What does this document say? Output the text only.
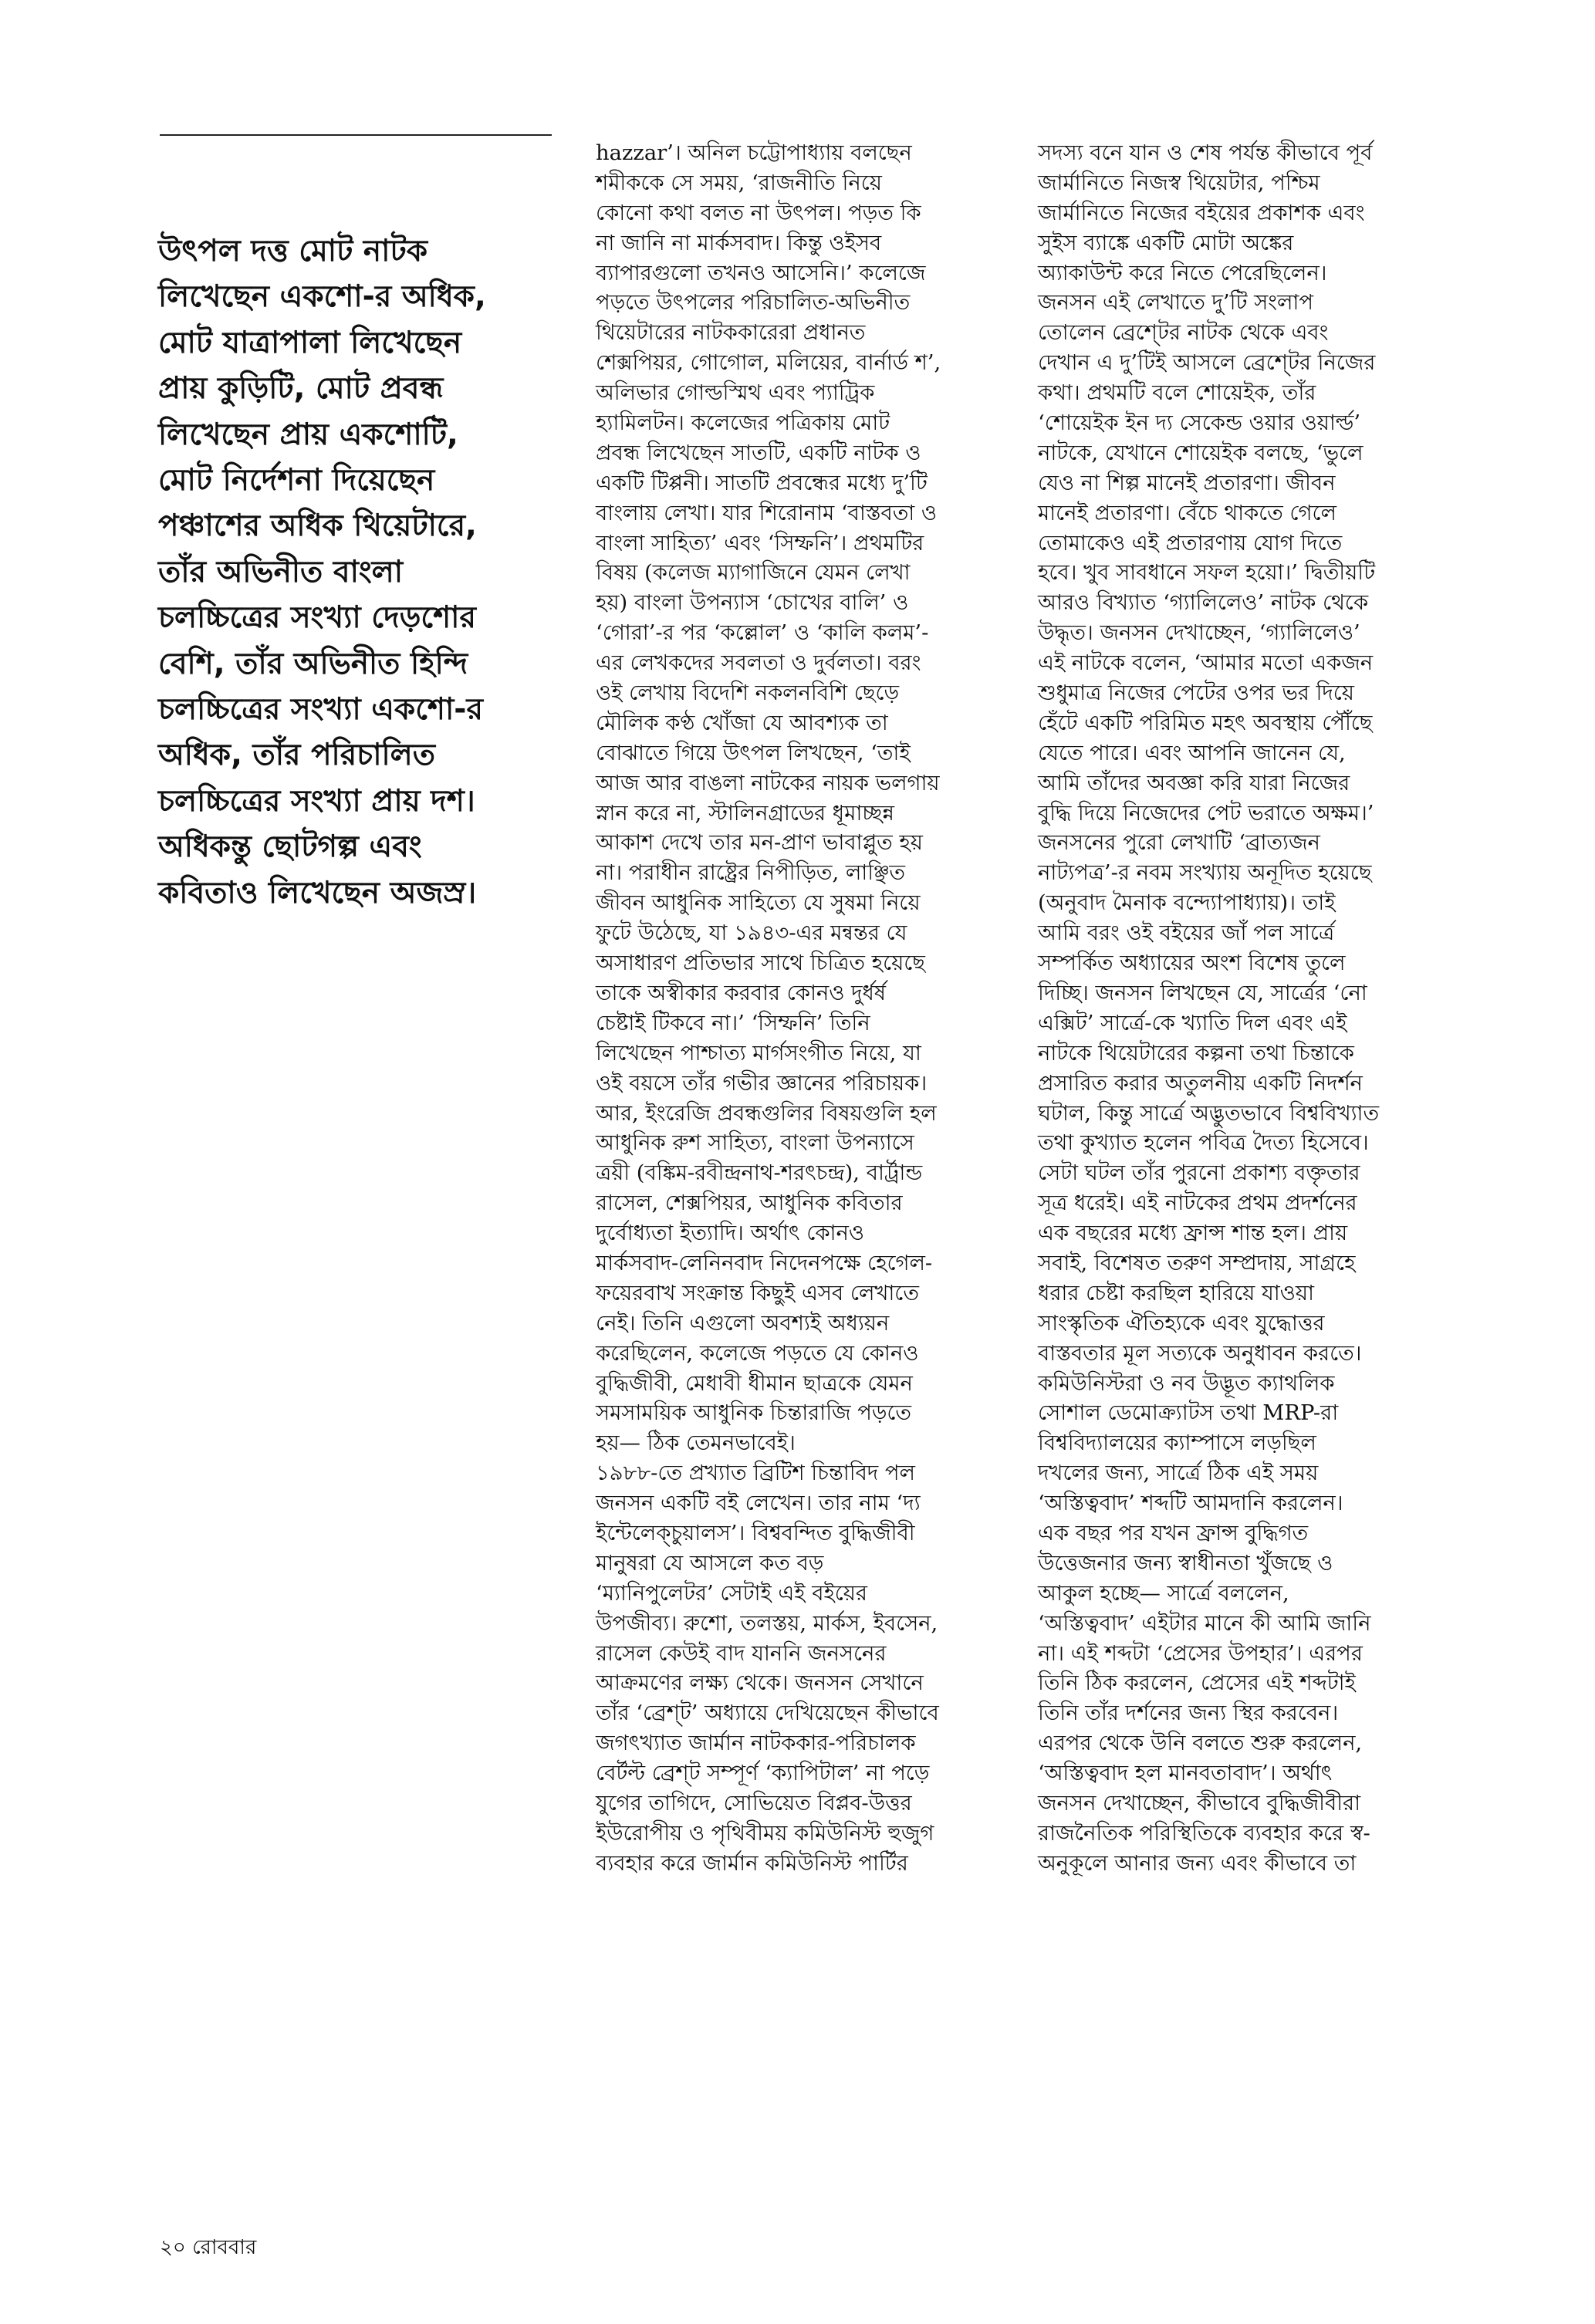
উৎপল দত্ত মোট নাটক
লিখেছেন একশো-র অধিক,
মোট যাত্রাপালা লিখেছেন
প্রায় কুড়িটি, মোট প্রবন্ধ
লিখেছেন প্রায় একশোটি,
মোট নির্দেশনা দিয়েছেন
পঞ্চাশের অধিক থিয়েটারে,
তাঁর অভিনীত বাংলা
চলচ্চিত্রের সংখ্যা দেড়শোর
বেশি, তাঁর অভিনীত হিন্দি
চলচ্চিত্রের সংখ্যা একশো-র
অধিক, তাঁর পরিচালিত
চলচ্চিত্রের সংখ্যা প্রায় দশ।
অধিকন্তু ছোটগল্প এবং
কবিতাও লিখেছেন অজস্র।
hazzar’। অনিল চট্টোপাধ্যায় বলছেন
শমীককে সে সময়, ‘রাজনীতি নিয়ে
কোনো কথা বলত না উৎপল। পড়ত কি
না জানি না মার্কসবাদ। কিন্তু ওইসব
ব্যাপারগুলো তখনও আসেনি।’ কলেজে
পড়তে উৎপলের পরিচালিত-অভিনীত
থিয়েটারের নাটককারেরা প্রধানত
শেক্সপিয়র, গোগোল, মলিয়ের, বার্নার্ড শ’,
অলিভার গোল্ডস্মিথ এবং প্যাট্রিক
হ্যামিলটন। কলেজের পত্রিকায় মোট
প্রবন্ধ লিখেছেন সাতটি, একটি নাটক ও
একটি টিপ্পনী। সাতটি প্রবন্ধের মধ্যে দু’টি
বাংলায় লেখা। যার শিরোনাম ‘বাস্তবতা ও
বাংলা সাহিত্য’ এবং ‘সিম্ফনি’। প্রথমটির
বিষয় (কলেজ ম্যাগাজিনে যেমন লেখা
হয়) বাংলা উপন্যাস ‘চোখের বালি’ ও
‘গোরা’-র পর ‘কল্লোল’ ও ‘কালি কলম’-
এর লেখকদের সবলতা ও দুর্বলতা। বরং
ওই লেখায় বিদেশি নকলনবিশি ছেড়ে
মৌলিক কণ্ঠ খোঁজা যে আবশ্যক তা
বোঝাতে গিয়ে উৎপল লিখছেন, ‘তাই
আজ আর বাঙলা নাটকের নায়ক ভলগায়
স্নান করে না, স্টালিনগ্রাডের ধূমাচ্ছন্ন
আকাশ দেখে তার মন-প্রাণ ভাবাপ্লুত হয়
না। পরাধীন রাষ্ট্রের নিপীড়িত, লাঞ্ছিত
জীবন আধুনিক সাহিত্যে যে সুষমা নিয়ে
ফুটে উঠেছে, যা ১৯৪৩-এর মন্বন্তর যে
অসাধারণ প্রতিভার সাথে চিত্রিত হয়েছে
তাকে অস্বীকার করবার কোনও দুর্ধর্ষ
চেষ্টাই টিকবে না।’ ‘সিম্ফনি’ তিনি
লিখেছেন পাশ্চাত্য মার্গসংগীত নিয়ে, যা
ওই বয়সে তাঁর গভীর জ্ঞানের পরিচায়ক।
আর, ইংরেজি প্রবন্ধগুলির বিষয়গুলি হল
আধুনিক রুশ সাহিত্য, বাংলা উপন্যাসে
ত্রয়ী (বঙ্কিম-রবীন্দ্রনাথ-শরৎচন্দ্র), বার্ট্রান্ড
রাসেল, শেক্সপিয়র, আধুনিক কবিতার
দুর্বোধ্যতা ইত্যাদি। অর্থাৎ কোনও
মার্কসবাদ-লেনিনবাদ নিদেনপক্ষে হেগেল-
ফয়েরবাখ সংক্রান্ত কিছুই এসব লেখাতে
নেই। তিনি এগুলো অবশ্যই অধ্যয়ন
করেছিলেন, কলেজে পড়তে যে কোনও
বুদ্ধিজীবী, মেধাবী ধীমান ছাত্রকে যেমন
সমসাময়িক আধুনিক চিন্তারাজি পড়তে
হয়— ঠিক তেমনভাবেই।
১৯৮৮-তে প্রখ্যাত ব্রিটিশ চিন্তাবিদ পল
জনসন একটি বই লেখেন। তার নাম ‘দ্য
ইন্টেলেক্চুয়ালস’। বিশ্ববন্দিত বুদ্ধিজীবী
মানুষরা যে আসলে কত বড়
‘ম্যানিপুলেটর’ সেটাই এই বইয়ের
উপজীব্য। রুশো, তলস্তয়, মার্কস, ইবসেন,
রাসেল কেউই বাদ যাননি জনসনের
আক্রমণের লক্ষ্য থেকে। জনসন সেখানে
তাঁর ‘ব্রেশ্ট’ অধ্যায়ে দেখিয়েছেন কীভাবে
জগৎখ্যাত জার্মান নাটককার-পরিচালক
বের্টল্ট ব্রেশ্ট সম্পূর্ণ ‘ক্যাপিটাল’ না পড়ে
যুগের তাগিদে, সোভিয়েত বিপ্লব-উত্তর
ইউরোপীয় ও পৃথিবীময় কমিউনিস্ট হুজুগ
ব্যবহার করে জার্মান কমিউনিস্ট পার্টির
সদস্য বনে যান ও শেষ পর্যন্ত কীভাবে পূর্ব
জার্মানিতে নিজস্ব থিয়েটার, পশ্চিম
জার্মানিতে নিজের বইয়ের প্রকাশক এবং
সুইস ব্যাঙ্কে একটি মোটা অঙ্কের
অ্যাকাউন্ট করে নিতে পেরেছিলেন।
জনসন এই লেখাতে দু’টি সংলাপ
তোলেন ব্রেশ্টের নাটক থেকে এবং
দেখান এ দু’টিই আসলে ব্রেশ্টের নিজের
কথা। প্রথমটি বলে শোয়েইক, তাঁর
‘শোয়েইক ইন দ্য সেকেন্ড ওয়ার ওয়ার্ল্ড’
নাটকে, যেখানে শোয়েইক বলছে, ‘ভুলে
যেও না শিল্প মানেই প্রতারণা। জীবন
মানেই প্রতারণা। বেঁচে থাকতে গেলে
তোমাকেও এই প্রতারণায় যোগ দিতে
হবে। খুব সাবধানে সফল হয়ো।’ দ্বিতীয়টি
আরও বিখ্যাত ‘গ্যালিলেও’ নাটক থেকে
উদ্ধৃত। জনসন দেখাচ্ছেন, ‘গ্যালিলেও’
এই নাটকে বলেন, ‘আমার মতো একজন
শুধুমাত্র নিজের পেটের ওপর ভর দিয়ে
হেঁটে একটি পরিমিত মহৎ অবস্থায় পৌঁছে
যেতে পারে। এবং আপনি জানেন যে,
আমি তাঁদের অবজ্ঞা করি যারা নিজের
বুদ্ধি দিয়ে নিজেদের পেট ভরাতে অক্ষম।’
জনসনের পুরো লেখাটি ‘ব্রাত্যজন
নাট্যপত্র’-র নবম সংখ্যায় অনূদিত হয়েছে
(অনুবাদ মৈনাক বন্দ্যোপাধ্যায়)। তাই
আমি বরং ওই বইয়ের জাঁ পল সার্ত্রে
সম্পর্কিত অধ্যায়ের অংশ বিশেষ তুলে
দিচ্ছি। জনসন লিখছেন যে, সার্ত্রের ‘নো
এক্সিট’ সার্ত্রে-কে খ্যাতি দিল এবং এই
নাটকে থিয়েটারের কল্পনা তথা চিন্তাকে
প্রসারিত করার অতুলনীয় একটি নিদর্শন
ঘটাল, কিন্তু সার্ত্রে অদ্ভুতভাবে বিশ্ববিখ্যাত
তথা কুখ্যাত হলেন পবিত্র দৈত্য হিসেবে।
সেটা ঘটল তাঁর পুরনো প্রকাশ্য বক্তৃতার
সূত্র ধরেই। এই নাটকের প্রথম প্রদর্শনের
এক বছরের মধ্যে ফ্রান্স শান্ত হল। প্রায়
সবাই, বিশেষত তরুণ সম্প্রদায়, সাগ্রহে
ধরার চেষ্টা করছিল হারিয়ে যাওয়া
সাংস্কৃতিক ঐতিহ্যকে এবং যুদ্ধোত্তর
বাস্তবতার মূল সত্যকে অনুধাবন করতে।
কমিউনিস্টরা ও নব উদ্ভূত ক্যাথলিক
সোশাল ডেমোক্র্যাটস তথা MRP-রা
বিশ্ববিদ্যালয়ের ক্যাম্পাসে লড়ছিল
দখলের জন্য, সার্ত্রে ঠিক এই সময়
‘অস্তিত্ববাদ’ শব্দটি আমদানি করলেন।
এক বছর পর যখন ফ্রান্স বুদ্ধিগত
উত্তেজনার জন্য স্বাধীনতা খুঁজছে ও
আকুল হচ্ছে— সার্ত্রে বললেন,
‘অস্তিত্ববাদ’ এইটার মানে কী আমি জানি
না। এই শব্দটা ‘প্রেসের উপহার’। এরপর
তিনি ঠিক করলেন, প্রেসের এই শব্দটাই
তিনি তাঁর দর্শনের জন্য স্থির করবেন।
এরপর থেকে উনি বলতে শুরু করলেন,
‘অস্তিত্ববাদ হল মানবতাবাদ’। অর্থাৎ
জনসন দেখাচ্ছেন, কীভাবে বুদ্ধিজীবীরা
রাজনৈতিক পরিস্থিতিকে ব্যবহার করে স্ব-
অনুকূলে আনার জন্য এবং কীভাবে তা
২০ রোববার
